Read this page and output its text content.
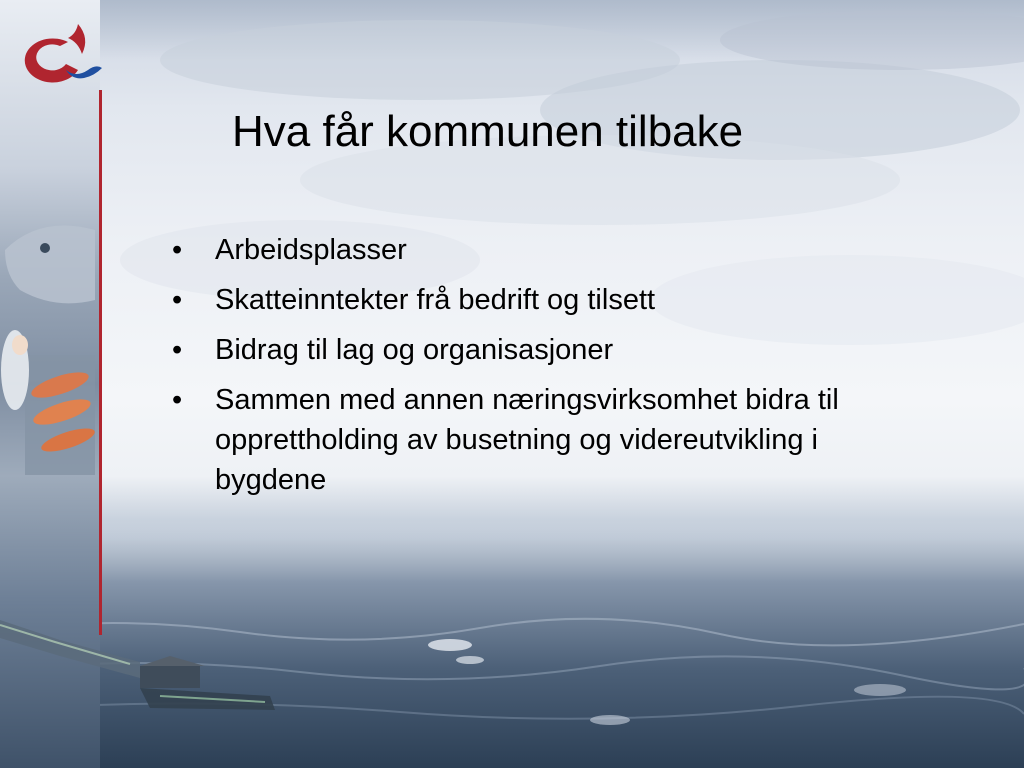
Hva får kommunen tilbake
• Arbeidsplasser
• Skatteinntekter frå bedrift og tilsett
• Bidrag til lag og organisasjoner
• Sammen med annen næringsvirksomhet bidra til opprettholding av busetning og videreutvikling i bygdene
